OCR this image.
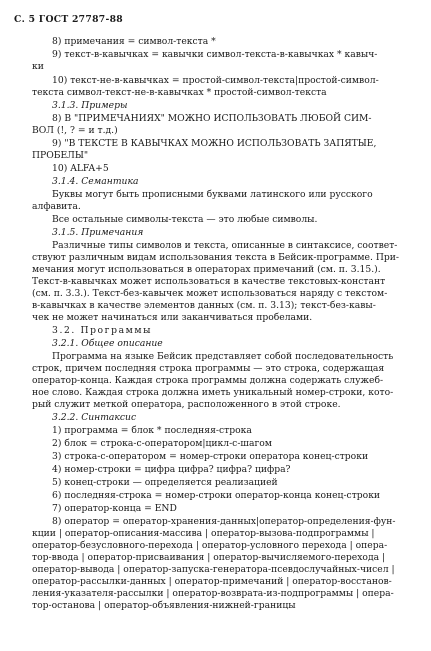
С. 5 ГОСТ 27787-88
8) примечания = символ-текста *
9) текст-в-кавычках = кавычки символ-текста-в-кавычках * кавыч-
ки
10) текст-не-в-кавычках = простой-символ-текста|простой-символ-
текста символ-текст-не-в-кавычках * простой-символ-текста
3.1.3. Примеры
8) В "ПРИМЕЧАНИЯХ" МОЖНО ИСПОЛЬЗОВАТЬ ЛЮБОЙ СИМ-
ВОЛ (!, ? = и т.д.)
9) "В ТЕКСТЕ В КАВЫЧКАХ МОЖНО ИСПОЛЬЗОВАТЬ ЗАПЯТЫЕ,
ПРОБЕЛЫ"
10) ALFA+5
3.1.4. Семантика
Буквы могут быть прописными буквами латинского или русского
алфавита.
Все остальные символы-текста — это любые символы.
3.1.5. Примечания
Различные типы символов и текста, описанные в синтаксисе, соответ-
ствуют различным видам использования текста в Бейсик-программе. При-
мечания могут использоваться в операторах примечаний (см. п. 3.15.).
Текст-в-кавычках может использоваться в качестве текстовых-констант
(см. п. 3.3.). Текст-без-кавычек может использоваться наряду с текстом-
в-кавычках в качестве элементов данных (см. п. 3.13); текст-без-кавы-
чек не может начинаться или заканчиваться пробелами.
3.2. Программы
3.2.1. Общее описание
Программа на языке Бейсик представляет собой последовательность
строк, причем последняя строка программы — это строка, содержащая
оператор-конца. Каждая строка программы должна содержать служеб-
ное слово. Каждая строка должна иметь уникальный номер-строки, кото-
рый служит меткой оператора, расположенного в этой строке.
3.2.2. Синтаксис
1) программа = блок * последняя-строка
2) блок = строка-с-оператором|цикл-с-шагом
3) строка-с-оператором = номер-строки оператора конец-строки
4) номер-строки = цифра цифра? цифра? цифра?
5) конец-строки — определяется реализацией
6) последняя-строка = номер-строки оператор-конца конец-строки
7) оператор-конца = END
8) оператор = оператор-хранения-данных|оператор-определения-фун-
кции | оператор-описания-массива | оператор-вызова-подпрограммы |
оператор-безусловного-перехода | оператор-условного перехода | опера-
тор-ввода | оператор-присваивания | оператор-вычисляемого-перехода |
оператор-вывода | оператор-запуска-генератора-псевдослучайных-чисел |
оператор-рассылки-данных | оператор-примечаний | оператор-восстанов-
ления-указателя-рассылки | оператор-возврата-из-подпрограммы | опера-
тор-останова | оператор-объявления-нижней-границы
